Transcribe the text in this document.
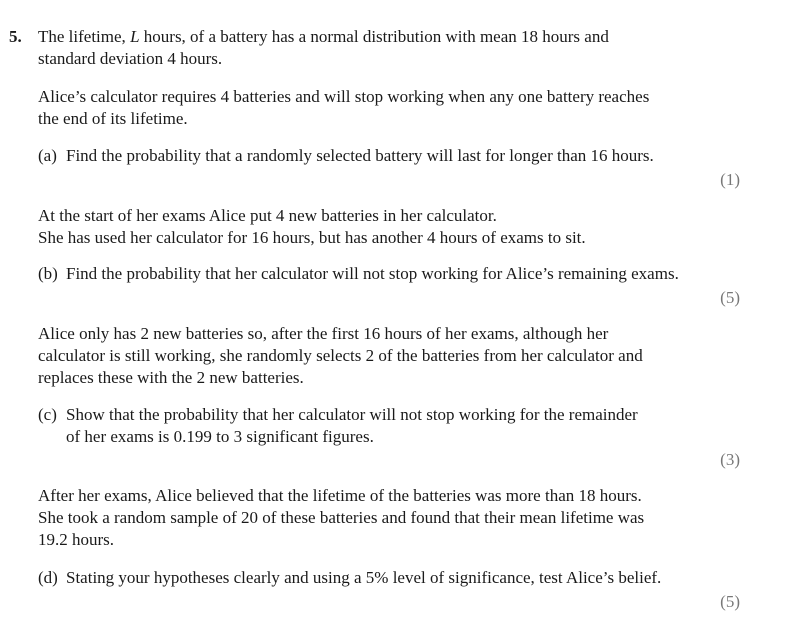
5. The lifetime, L hours, of a battery has a normal distribution with mean 18 hours and
standard deviation 4 hours.
Alice’s calculator requires 4 batteries and will stop working when any one battery reaches
the end of its lifetime.
(a) Find the probability that a randomly selected battery will last for longer than 16 hours.
( 1 )
At the start of her exams Alice put 4 new batteries in her calculator.
She has used her calculator for 16 hours, but has another 4 hours of exams to sit.
(b) Find the probability that her calculator will not stop working for Alice’s remaining exams.
( 5 )
Alice only has 2 new batteries so, after the first 16 hours of her exams, although her
calculator is still working, she randomly selects 2 of the batteries from her calculator and
replaces these with the 2 new batteries.
(c) Show that the probability that her calculator will not stop working for the remainder
of her exams is 0.199 to 3 significant figures.
( 3 )
After her exams, Alice believed that the lifetime of the batteries was more than 18 hours.
She took a random sample of 20 of these batteries and found that their mean lifetime was
19.2 hours.
(d) Stating your hypotheses clearly and using a 5% level of significance, test Alice’s belief.
( 5 )
